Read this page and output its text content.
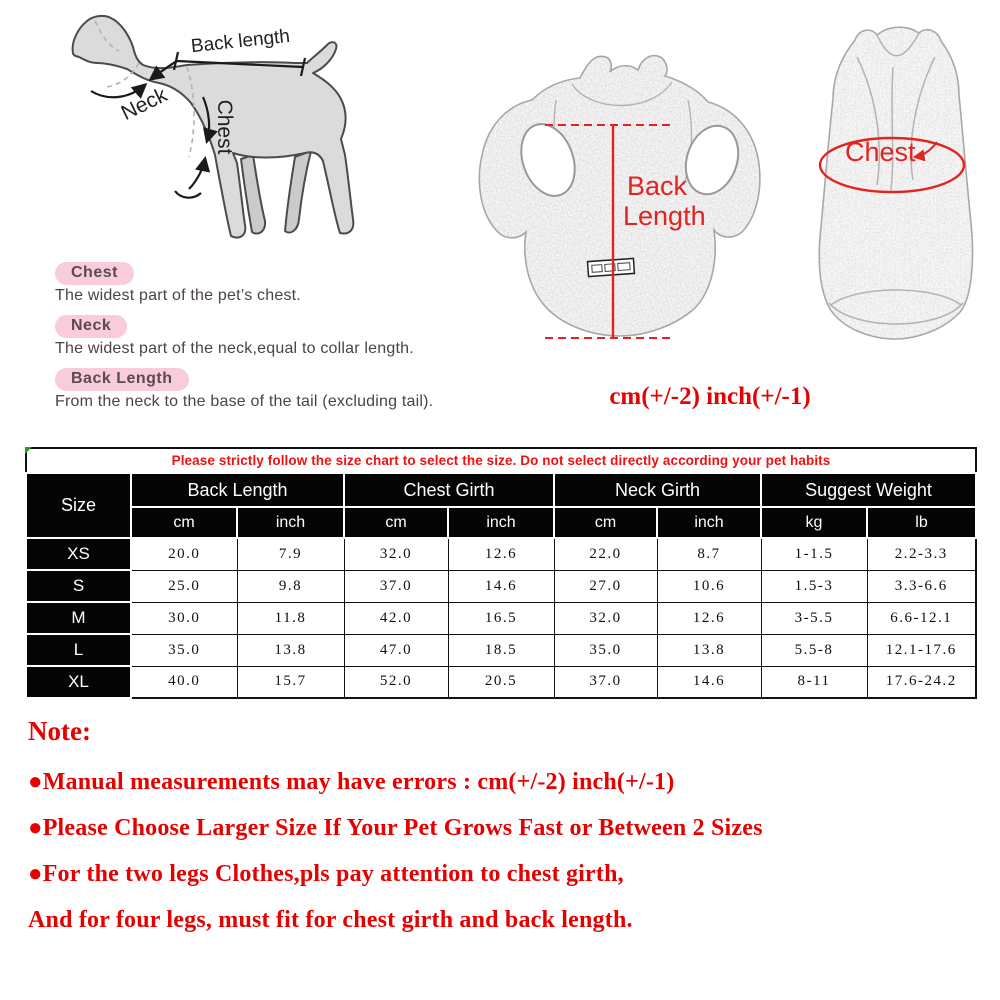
Back length
Neck Chest
Back
Length
Chest
Chest
The widest part of the pet’s chest.
Neck
The widest part of the neck,equal to collar length.
Back Length
From the neck to the base of the tail (excluding tail).	cm(+/-2) inch(+/-1)
Please strictly follow the size chart to select the size. Do not select directly according your pet habits								
Size	Back Length		Chest Girth		Neck Girth		Suggest Weight	
	cm	inch	cm	inch	cm	inch	kg	lb
XS	20.0	7.9	32.0	12.6	22.0	8.7	1-1.5	2.2-3.3
S	25.0	9.8	37.0	14.6	27.0	10.6	1.5-3	3.3-6.6
M	30.0	11.8	42.0	16.5	32.0	12.6	3-5.5	6.6-12.1
L	35.0	13.8	47.0	18.5	35.0	13.8	5.5-8	12.1-17.6
XL	40.0	15.7	52.0	20.5	37.0	14.6	8-11	17.6-24.2
Note:
●Manual measurements may have errors : cm(+/-2) inch(+/-1)
●Please Choose Larger Size If Your Pet Grows Fast or Between 2 Sizes
●For the two legs Clothes,pls pay attention to chest girth,
And for four legs, must fit for chest girth and back length.
